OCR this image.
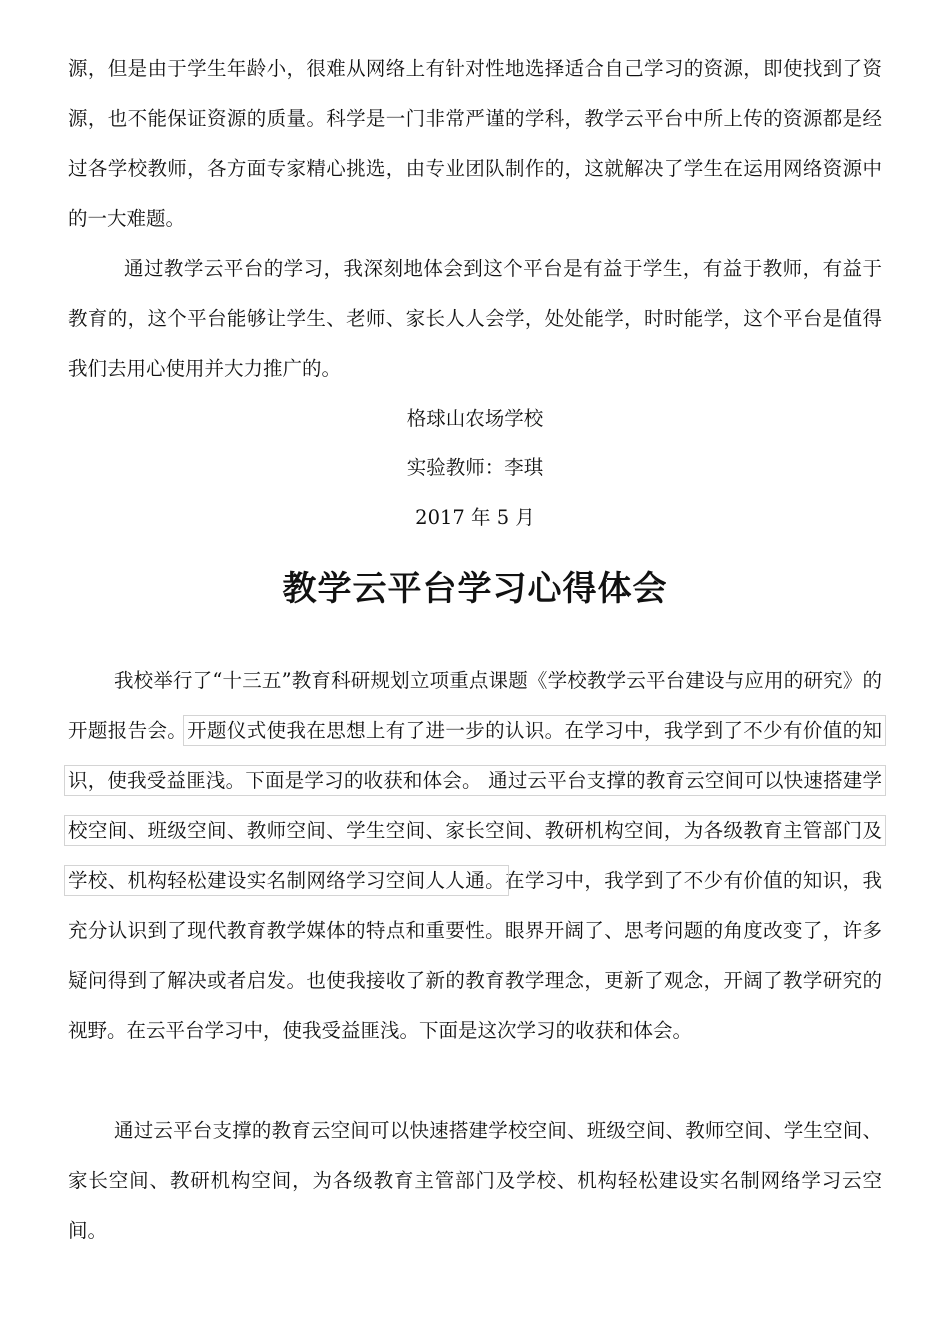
源，但是由于学生年龄小，很难从网络上有针对性地选择适合自己学习的资源，即使找到了资源，也不能保证资源的质量。科学是一门非常严谨的学科，教学云平台中所上传的资源都是经过各学校教师，各方面专家精心挑选，由专业团队制作的，这就解决了学生在运用网络资源中的一大难题。
通过教学云平台的学习，我深刻地体会到这个平台是有益于学生，有益于教师，有益于教育的，这个平台能够让学生、老师、家长人人会学，处处能学，时时能学，这个平台是值得我们去用心使用并大力推广的。
格球山农场学校
实验教师：李琪
2017 年 5 月
教学云平台学习心得体会
我校举行了“十三五”教育科研规划立项重点课题《学校教学云平台建设与应用的研究》的开题报告会。开题仪式使我在思想上有了进一步的认识。在学习中，我学到了不少有价值的知识，使我受益匪浅。下面是学习的收获和体会。 通过云平台支撑的教育云空间可以快速搭建学校空间、班级空间、教师空间、学生空间、家长空间、教研机构空间，为各级教育主管部门及学校、机构轻松建设实名制网络学习空间人人通。在学习中，我学到了不少有价值的知识，我充分认识到了现代教育教学媒体的特点和重要性。眼界开阔了、思考问题的角度改变了，许多疑问得到了解决或者启发。也使我接收了新的教育教学理念，更新了观念，开阔了教学研究的视野。在云平台学习中，使我受益匪浅。下面是这次学习的收获和体会。
通过云平台支撑的教育云空间可以快速搭建学校空间、班级空间、教师空间、学生空间、家长空间、教研机构空间，为各级教育主管部门及学校、机构轻松建设实名制网络学习云空间。
